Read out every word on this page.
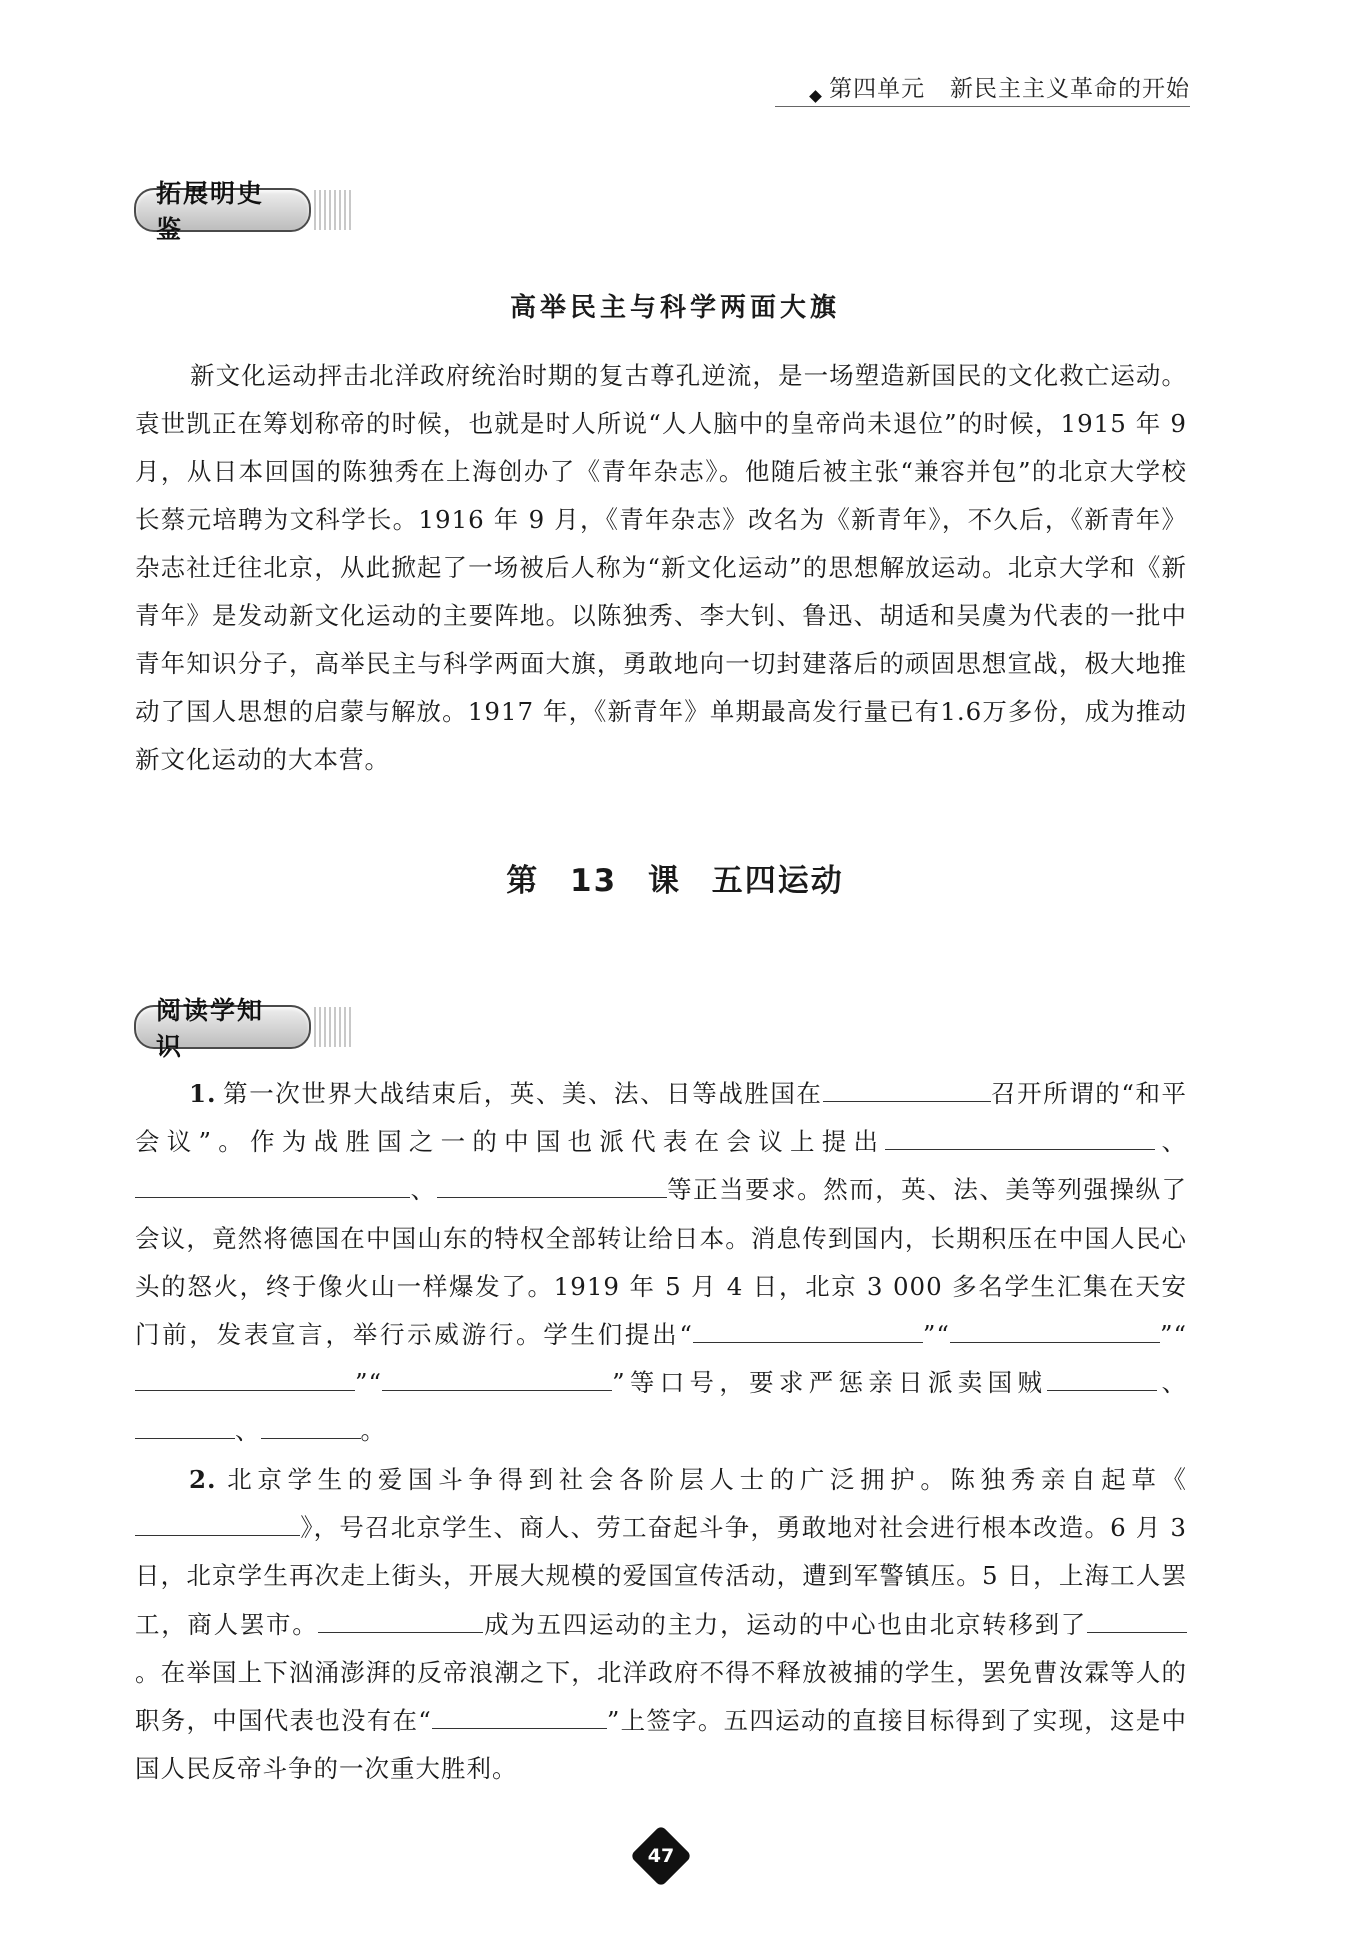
第四单元 新民主主义革命的开始
拓展明史鉴
高举民主与科学两面大旗

新文化运动抨击北洋政府统治时期的复古尊孔逆流，是一场塑造新国民的文化救亡运动。袁世凯正在筹划称帝的时候，也就是时人所说“人人脑中的皇帝尚未退位”的时候，1915 年 9 月，从日本回国的陈独秀在上海创办了《青年杂志》。他随后被主张“兼容并包”的北京大学校长蔡元培聘为文科学长。1916 年 9 月，《青年杂志》改名为《新青年》，不久后，《新青年》杂志社迁往北京，从此掀起了一场被后人称为“新文化运动”的思想解放运动。北京大学和《新青年》是发动新文化运动的主要阵地。以陈独秀、李大钊、鲁迅、胡适和吴虞为代表的一批中青年知识分子，高举民主与科学两面大旗，勇敢地向一切封建落后的顽固思想宣战，极大地推动了国人思想的启蒙与解放。1917 年，《新青年》单期最高发行量已有1.6万多份，成为推动新文化运动的大本营。

第 13 课 五四运动
阅读学知识

1. 第一次世界大战结束后，英、美、法、日等战胜国在	召开所谓的“和平会议”。作为战胜国之一的中国也派代表在会议上提出	、、	等正当要求。然而，英、法、美等列强操纵了会议，竟然将德国在中国山东的特权全部转让给日本。消息传到国内，长期积压在中国人民心头的怒火，终于像火山一样爆发了。1919 年 5 月 4 日，北京 3 000 多名学生汇集在天安门前，发表宣言，举行示威游行。学生们提出“	”“	”“”“	”等口号，要求严惩亲日派卖国贼	、、	。

2. 北京学生的爱国斗争得到社会各阶层人士的广泛拥护。陈独秀亲自起草《》，号召北京学生、商人、劳工奋起斗争，勇敢地对社会进行根本改造。6 月 3 日，北京学生再次走上街头，开展大规模的爱国宣传活动，遭到军警镇压。5 日，上海工人罢工，商人罢市。	成为五四运动的主力，运动的中心也由北京转移到了。在举国上下汹涌澎湃的反帝浪潮之下，北洋政府不得不释放被捕的学生，罢免曹汝霖等人的职务，中国代表也没有在“	”上签字。五四运动的直接目标得到了实现，这是中国人民反帝斗争的一次重大胜利。

47
